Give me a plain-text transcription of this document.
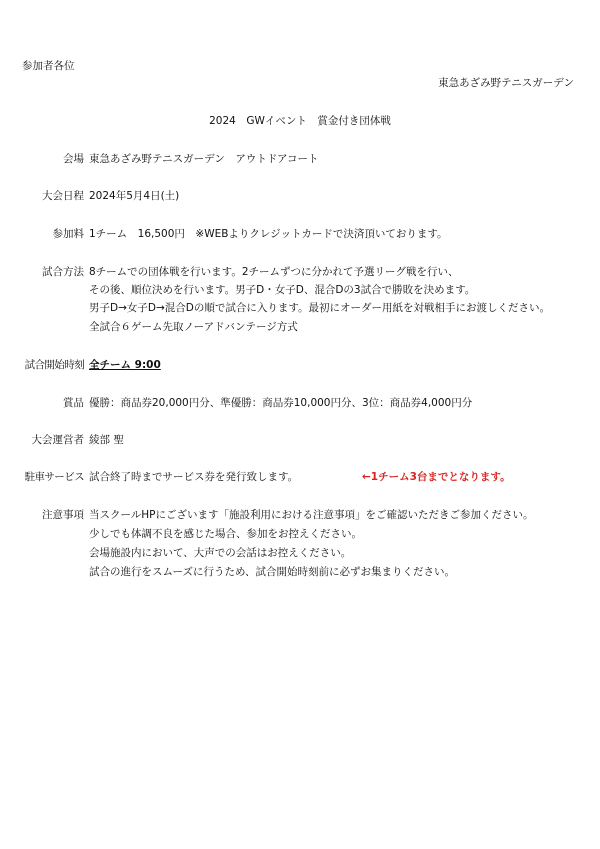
参加者各位
東急あざみ野テニスガーデン
2024　GWイベント　賞金付き団体戦
会場 東急あざみ野テニスガーデン　アウトドアコート
大会日程 2024年5月4日(土)
参加料 1チーム　16,500円　※WEBよりクレジットカードで決済頂いております。
試合方法 8チームでの団体戦を行います。2チームずつに分かれて予選リーグ戦を行い、
その後、順位決めを行います。男子D・女子D、混合Dの3試合で勝敗を決めます。
男子D→女子D→混合Dの順で試合に入ります。最初にオーダー用紙を対戦相手にお渡しください。
全試合６ゲーム先取ノーアドバンテージ方式
試合開始時刻 全チーム 9:00
賞品 優勝：商品券20,000円分、準優勝：商品券10,000円分、3位：商品券4,000円分
大会運営者 綾部 聖
駐車サービス 試合終了時までサービス券を発行致します。	←1チーム3台までとなります。
注意事項 当スクールHPにございます「施設利用における注意事項」をご確認いただきご参加ください。
少しでも体調不良を感じた場合、参加をお控えください。
会場施設内において、大声での会話はお控えください。
試合の進行をスムーズに行うため、試合開始時刻前に必ずお集まりください。
